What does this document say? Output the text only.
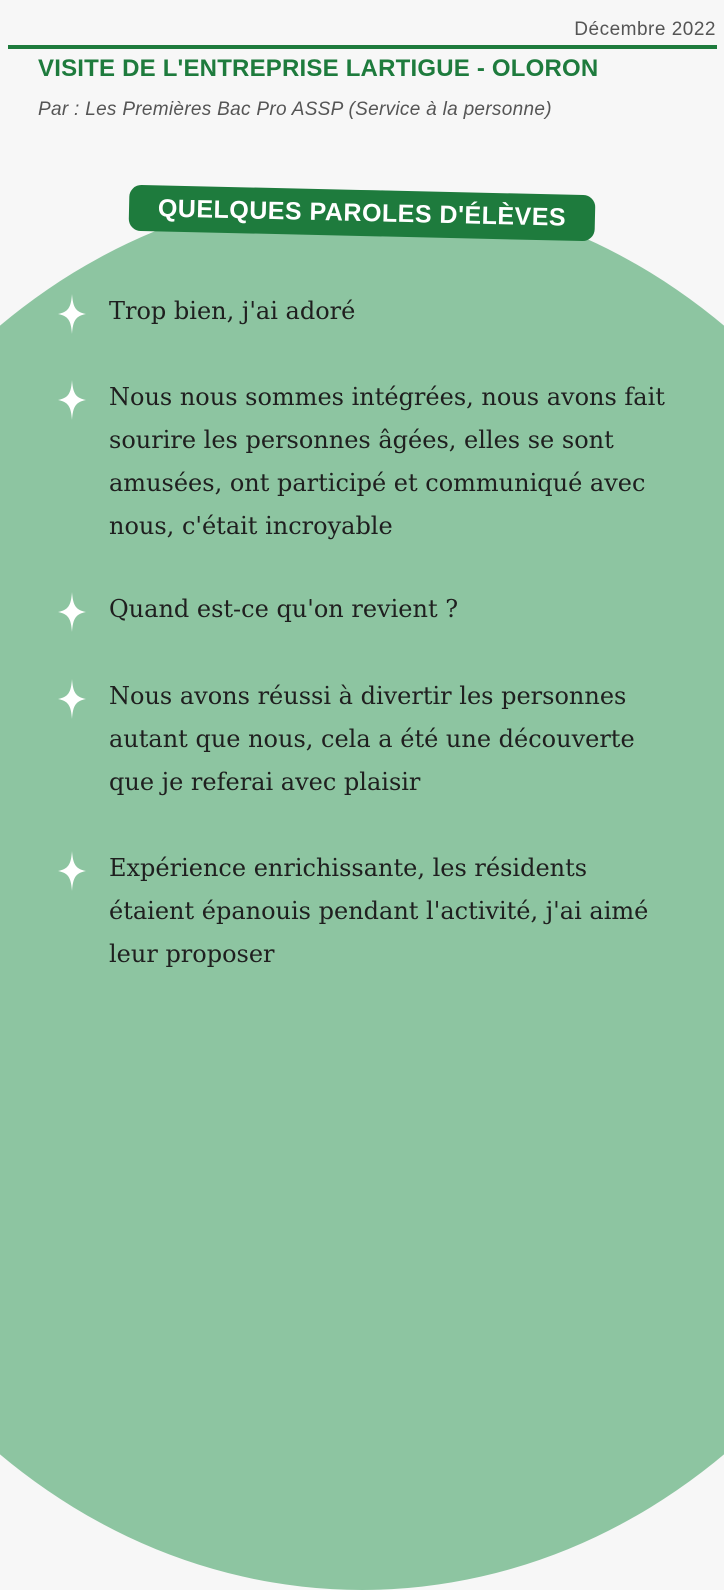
Décembre 2022
VISITE DE L'ENTREPRISE LARTIGUE - OLORON
Par : Les Premières Bac Pro ASSP (Service à la personne)
QUELQUES PAROLES D'ÉLÈVES
Trop bien, j'ai adoré
Nous nous sommes intégrées, nous avons fait sourire les personnes âgées, elles se sont amusées, ont participé et communiqué avec nous, c'était incroyable
Quand est-ce qu'on revient ?
Nous avons réussi à divertir les personnes autant que nous, cela a été une découverte que je referai avec plaisir
Expérience enrichissante, les résidents étaient épanouis pendant l'activité, j'ai aimé leur proposer
